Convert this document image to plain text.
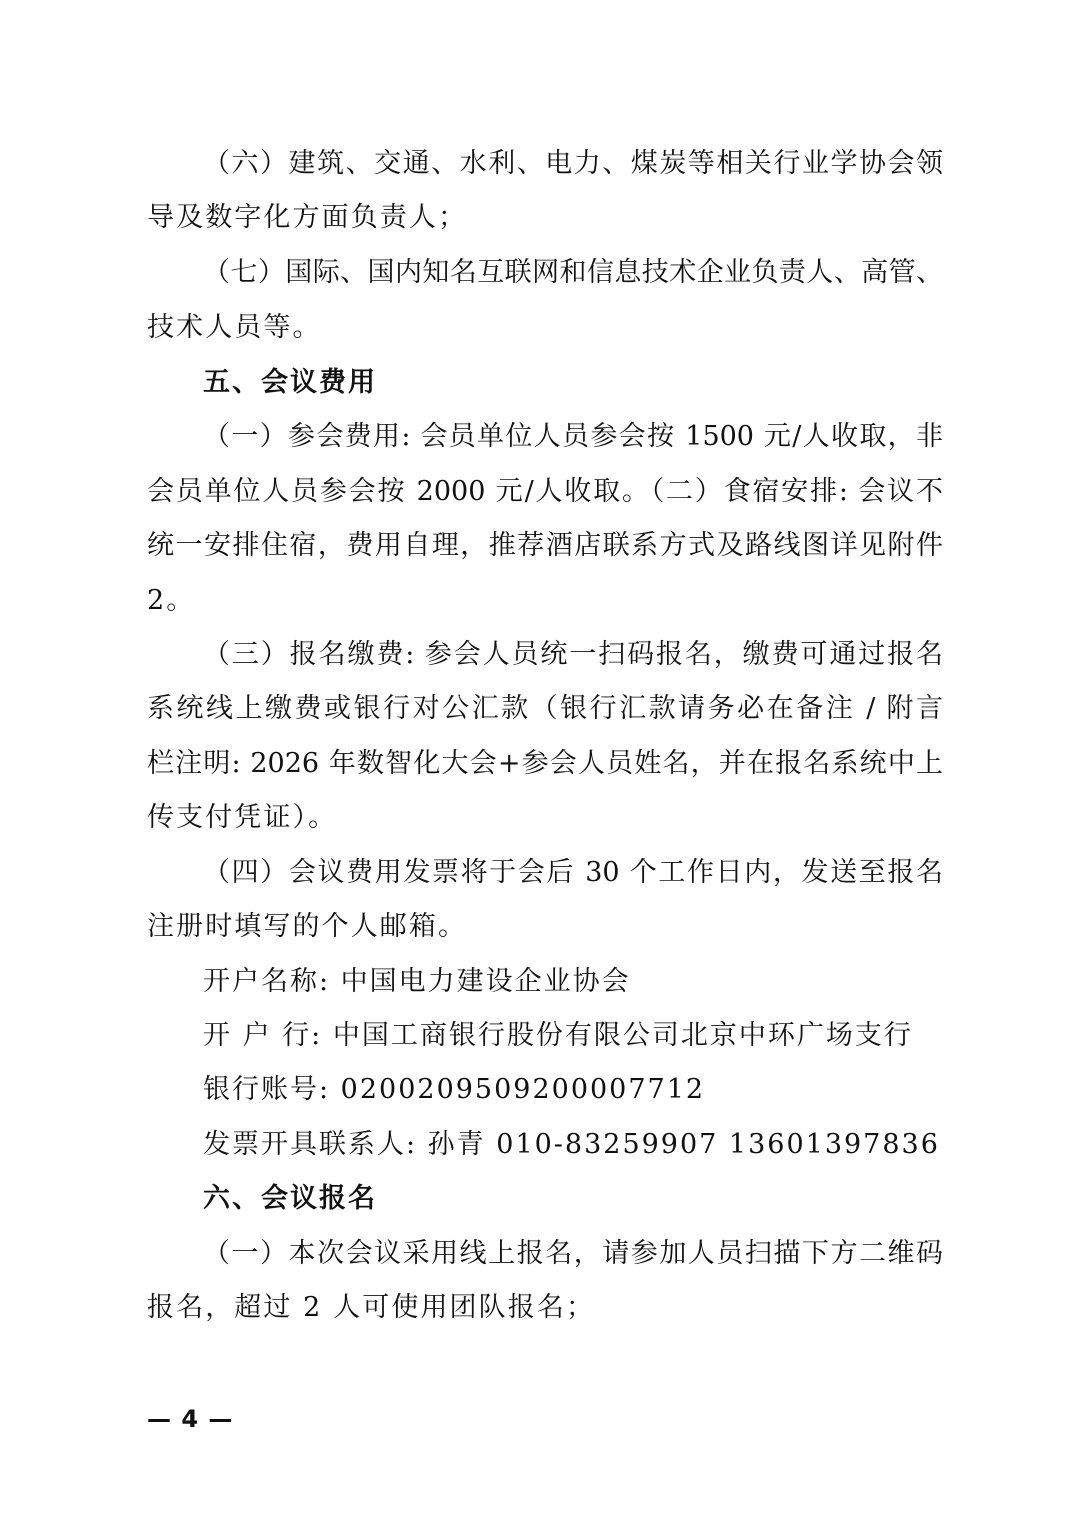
（六）建筑、交通、水利、电力、煤炭等相关行业学协会领
导及数字化方面负责人；
（七）国际、国内知名互联网和信息技术企业负责人、高管、
技术人员等。
五、会议费用
（一）参会费用: 会员单位人员参会按 1500 元/人收取，非
会员单位人员参会按 2000 元/人收取。（二）食宿安排: 会议不
统一安排住宿，费用自理，推荐酒店联系方式及路线图详见附件
2。
（三）报名缴费: 参会人员统一扫码报名，缴费可通过报名
系统线上缴费或银行对公汇款（银行汇款请务必在备注 / 附言
栏注明: 2026 年数智化大会+参会人员姓名，并在报名系统中上
传支付凭证）。
（四）会议费用发票将于会后 30 个工作日内，发送至报名
注册时填写的个人邮箱。
开户名称: 中国电力建设企业协会
开 户 行: 中国工商银行股份有限公司北京中环广场支行
银行账号: 0200209509200007712
发票开具联系人: 孙青 010-83259907 13601397836
六、会议报名
（一）本次会议采用线上报名，请参加人员扫描下方二维码
报名，超过 2 人可使用团队报名；
— 4 —
